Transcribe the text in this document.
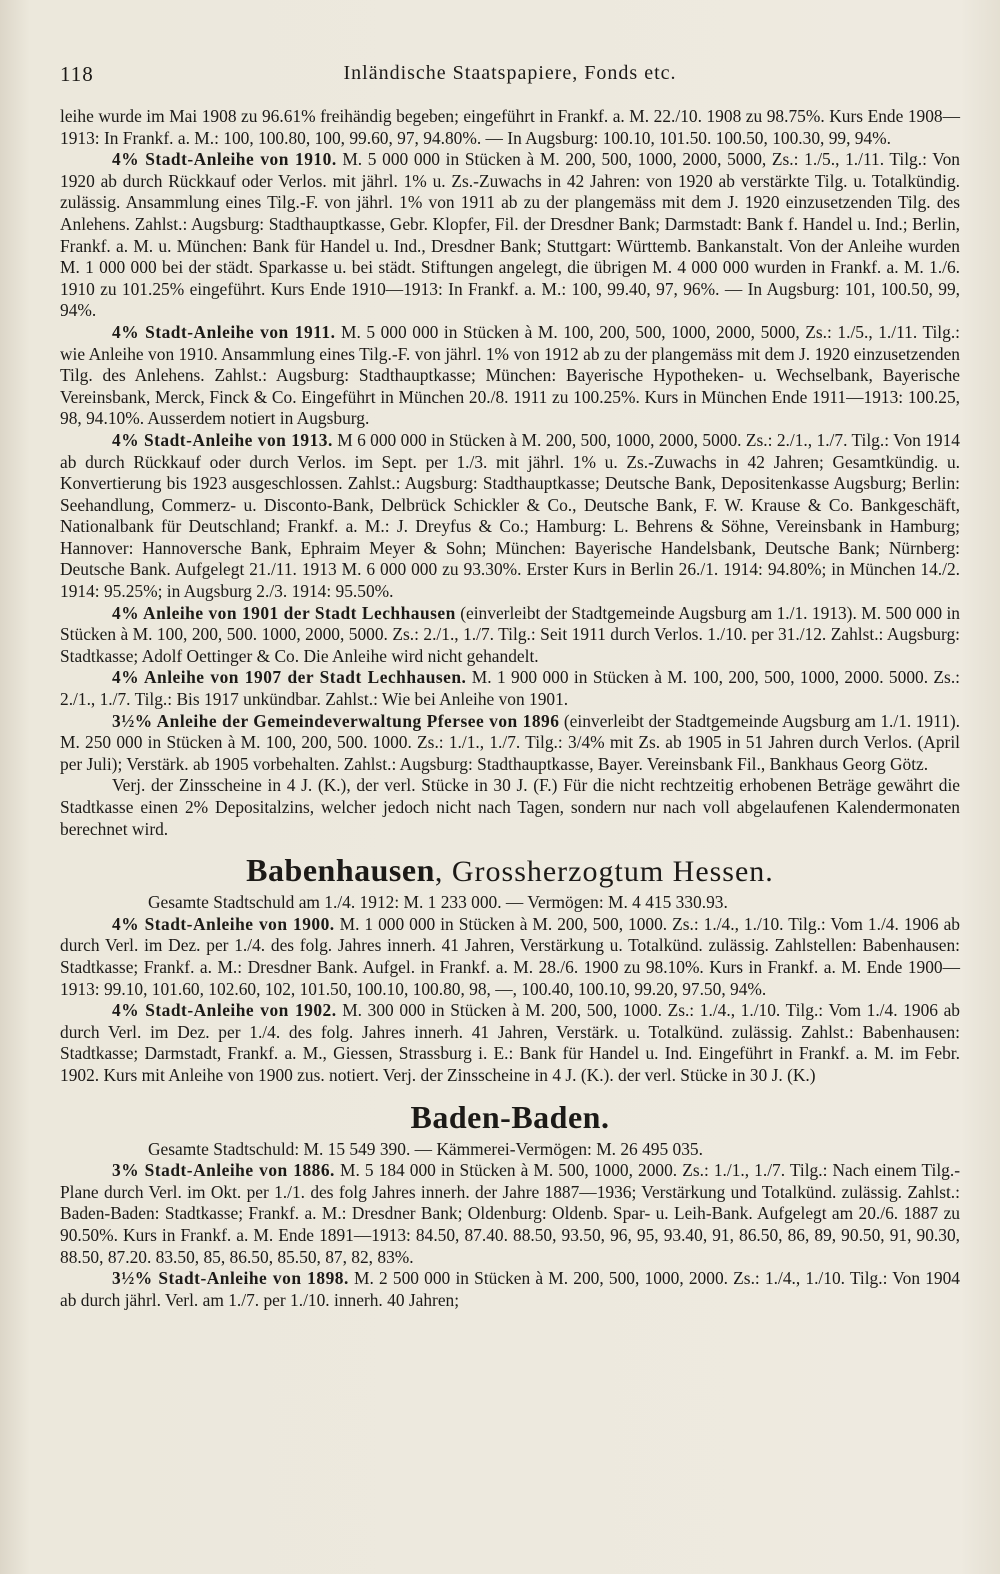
118	Inländische Staatspapiere, Fonds etc.

leihe wurde im Mai 1908 zu 96.61% freihändig begeben; eingeführt in Frankf. a. M. 22./10. 1908 zu 98.75%. Kurs Ende 1908—1913: In Frankf. a. M.: 100, 100.80, 100, 99.60, 97, 94.80%. — In Augsburg: 100.10, 101.50. 100.50, 100.30, 99, 94%.

4% Stadt-Anleihe von 1910. M. 5 000 000 in Stücken à M. 200, 500, 1000, 2000, 5000, Zs.: 1./5., 1./11. Tilg.: Von 1920 ab durch Rückkauf oder Verlos. mit jährl. 1% u. Zs.-Zuwachs in 42 Jahren: von 1920 ab verstärkte Tilg. u. Totalkündig. zulässig. Ansammlung eines Tilg.-F. von jährl. 1% von 1911 ab zu der plangemäss mit dem J. 1920 einzusetzenden Tilg. des Anlehens. Zahlst.: Augsburg: Stadthauptkasse, Gebr. Klopfer, Fil. der Dresdner Bank; Darmstadt: Bank f. Handel u. Ind.; Berlin, Frankf. a. M. u. München: Bank für Handel u. Ind., Dresdner Bank; Stuttgart: Württemb. Bankanstalt. Von der Anleihe wurden M. 1 000 000 bei der städt. Sparkasse u. bei städt. Stiftungen angelegt, die übrigen M. 4 000 000 wurden in Frankf. a. M. 1./6. 1910 zu 101.25% eingeführt. Kurs Ende 1910—1913: In Frankf. a. M.: 100, 99.40, 97, 96%. — In Augsburg: 101, 100.50, 99, 94%.

4% Stadt-Anleihe von 1911. M. 5 000 000 in Stücken à M. 100, 200, 500, 1000, 2000, 5000, Zs.: 1./5., 1./11. Tilg.: wie Anleihe von 1910. Ansammlung eines Tilg.-F. von jährl. 1% von 1912 ab zu der plangemäss mit dem J. 1920 einzusetzenden Tilg. des Anlehens. Zahlst.: Augsburg: Stadthauptkasse; München: Bayerische Hypotheken- u. Wechselbank, Bayerische Vereinsbank, Merck, Finck & Co. Eingeführt in München 20./8. 1911 zu 100.25%. Kurs in München Ende 1911—1913: 100.25, 98, 94.10%. Ausserdem notiert in Augsburg.

4% Stadt-Anleihe von 1913. M 6 000 000 in Stücken à M. 200, 500, 1000, 2000, 5000. Zs.: 2./1., 1./7. Tilg.: Von 1914 ab durch Rückkauf oder durch Verlos. im Sept. per 1./3. mit jährl. 1% u. Zs.-Zuwachs in 42 Jahren; Gesamtkündig. u. Konvertierung bis 1923 ausgeschlossen. Zahlst.: Augsburg: Stadthauptkasse; Deutsche Bank, Depositenkasse Augsburg; Berlin: Seehandlung, Commerz- u. Disconto-Bank, Delbrück Schickler & Co., Deutsche Bank, F. W. Krause & Co. Bankgeschäft, Nationalbank für Deutschland; Frankf. a. M.: J. Dreyfus & Co.; Hamburg: L. Behrens & Söhne, Vereinsbank in Hamburg; Hannover: Hannoversche Bank, Ephraim Meyer & Sohn; München: Bayerische Handelsbank, Deutsche Bank; Nürnberg: Deutsche Bank. Aufgelegt 21./11. 1913 M. 6 000 000 zu 93.30%. Erster Kurs in Berlin 26./1. 1914: 94.80%; in München 14./2. 1914: 95.25%; in Augsburg 2./3. 1914: 95.50%.

4% Anleihe von 1901 der Stadt Lechhausen (einverleibt der Stadtgemeinde Augsburg am 1./1. 1913). M. 500 000 in Stücken à M. 100, 200, 500. 1000, 2000, 5000. Zs.: 2./1., 1./7. Tilg.: Seit 1911 durch Verlos. 1./10. per 31./12. Zahlst.: Augsburg: Stadtkasse; Adolf Oettinger & Co. Die Anleihe wird nicht gehandelt.

4% Anleihe von 1907 der Stadt Lechhausen. M. 1 900 000 in Stücken à M. 100, 200, 500, 1000, 2000. 5000. Zs.: 2./1., 1./7. Tilg.: Bis 1917 unkündbar. Zahlst.: Wie bei Anleihe von 1901.

3½% Anleihe der Gemeindeverwaltung Pfersee von 1896 (einverleibt der Stadtgemeinde Augsburg am 1./1. 1911). M. 250 000 in Stücken à M. 100, 200, 500. 1000. Zs.: 1./1., 1./7. Tilg.: 3/4% mit Zs. ab 1905 in 51 Jahren durch Verlos. (April per Juli); Verstärk. ab 1905 vorbehalten. Zahlst.: Augsburg: Stadthauptkasse, Bayer. Vereinsbank Fil., Bankhaus Georg Götz.

Verj. der Zinsscheine in 4 J. (K.), der verl. Stücke in 30 J. (F.) Für die nicht rechtzeitig erhobenen Beträge gewährt die Stadtkasse einen 2% Depositalzins, welcher jedoch nicht nach Tagen, sondern nur nach voll abgelaufenen Kalendermonaten berechnet wird.

Babenhausen, Grossherzogtum Hessen.

Gesamte Stadtschuld am 1./4. 1912: M. 1 233 000. — Vermögen: M. 4 415 330.93.

4% Stadt-Anleihe von 1900. M. 1 000 000 in Stücken à M. 200, 500, 1000. Zs.: 1./4., 1./10. Tilg.: Vom 1./4. 1906 ab durch Verl. im Dez. per 1./4. des folg. Jahres innerh. 41 Jahren, Verstärkung u. Totalkünd. zulässig. Zahlstellen: Babenhausen: Stadtkasse; Frankf. a. M.: Dresdner Bank. Aufgel. in Frankf. a. M. 28./6. 1900 zu 98.10%. Kurs in Frankf. a. M. Ende 1900—1913: 99.10, 101.60, 102.60, 102, 101.50, 100.10, 100.80, 98, —, 100.40, 100.10, 99.20, 97.50, 94%.

4% Stadt-Anleihe von 1902. M. 300 000 in Stücken à M. 200, 500, 1000. Zs.: 1./4., 1./10. Tilg.: Vom 1./4. 1906 ab durch Verl. im Dez. per 1./4. des folg. Jahres innerh. 41 Jahren, Verstärk. u. Totalkünd. zulässig. Zahlst.: Babenhausen: Stadtkasse; Darmstadt, Frankf. a. M., Giessen, Strassburg i. E.: Bank für Handel u. Ind. Eingeführt in Frankf. a. M. im Febr. 1902. Kurs mit Anleihe von 1900 zus. notiert. Verj. der Zinsscheine in 4 J. (K.). der verl. Stücke in 30 J. (K.)

Baden-Baden.

Gesamte Stadtschuld: M. 15 549 390. — Kämmerei-Vermögen: M. 26 495 035.

3% Stadt-Anleihe von 1886. M. 5 184 000 in Stücken à M. 500, 1000, 2000. Zs.: 1./1., 1./7. Tilg.: Nach einem Tilg.-Plane durch Verl. im Okt. per 1./1. des folg Jahres innerh. der Jahre 1887—1936; Verstärkung und Totalkünd. zulässig. Zahlst.: Baden-Baden: Stadtkasse; Frankf. a. M.: Dresdner Bank; Oldenburg: Oldenb. Spar- u. Leih-Bank. Aufgelegt am 20./6. 1887 zu 90.50%. Kurs in Frankf. a. M. Ende 1891—1913: 84.50, 87.40. 88.50, 93.50, 96, 95, 93.40, 91, 86.50, 86, 89, 90.50, 91, 90.30, 88.50, 87.20. 83.50, 85, 86.50, 85.50, 87, 82, 83%.

3½% Stadt-Anleihe von 1898. M. 2 500 000 in Stücken à M. 200, 500, 1000, 2000. Zs.: 1./4., 1./10. Tilg.: Von 1904 ab durch jährl. Verl. am 1./7. per 1./10. innerh. 40 Jahren;
